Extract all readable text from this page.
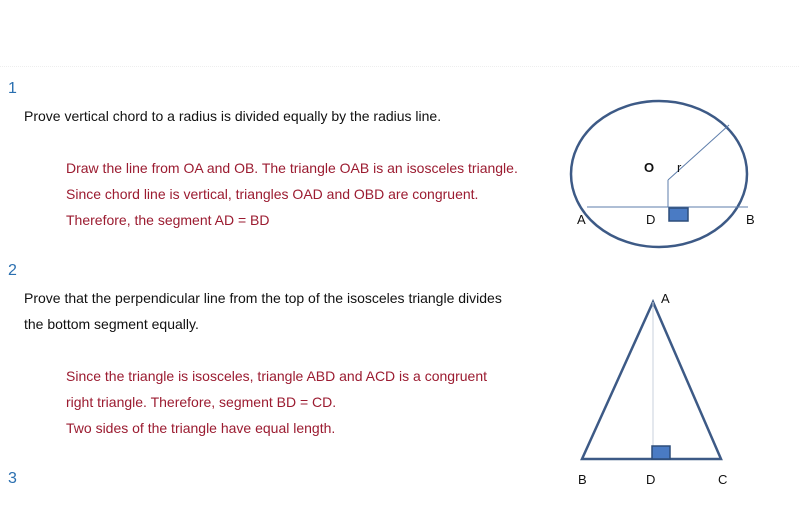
1
Prove vertical chord to a radius is divided equally by the radius line.
Draw the line from OA and OB. The triangle OAB is an isosceles triangle.
Since chord line is vertical, triangles OAD and OBD are congruent.
Therefore, the segment AD = BD
O r
A	D	B
2
Prove that the perpendicular line from the top of the isosceles triangle divides
the bottom segment equally.
Since the triangle is isosceles, triangle ABD and ACD is a congruent
right triangle. Therefore, segment BD = CD.
Two sides of the triangle have equal length.
A
B	D	C
3
